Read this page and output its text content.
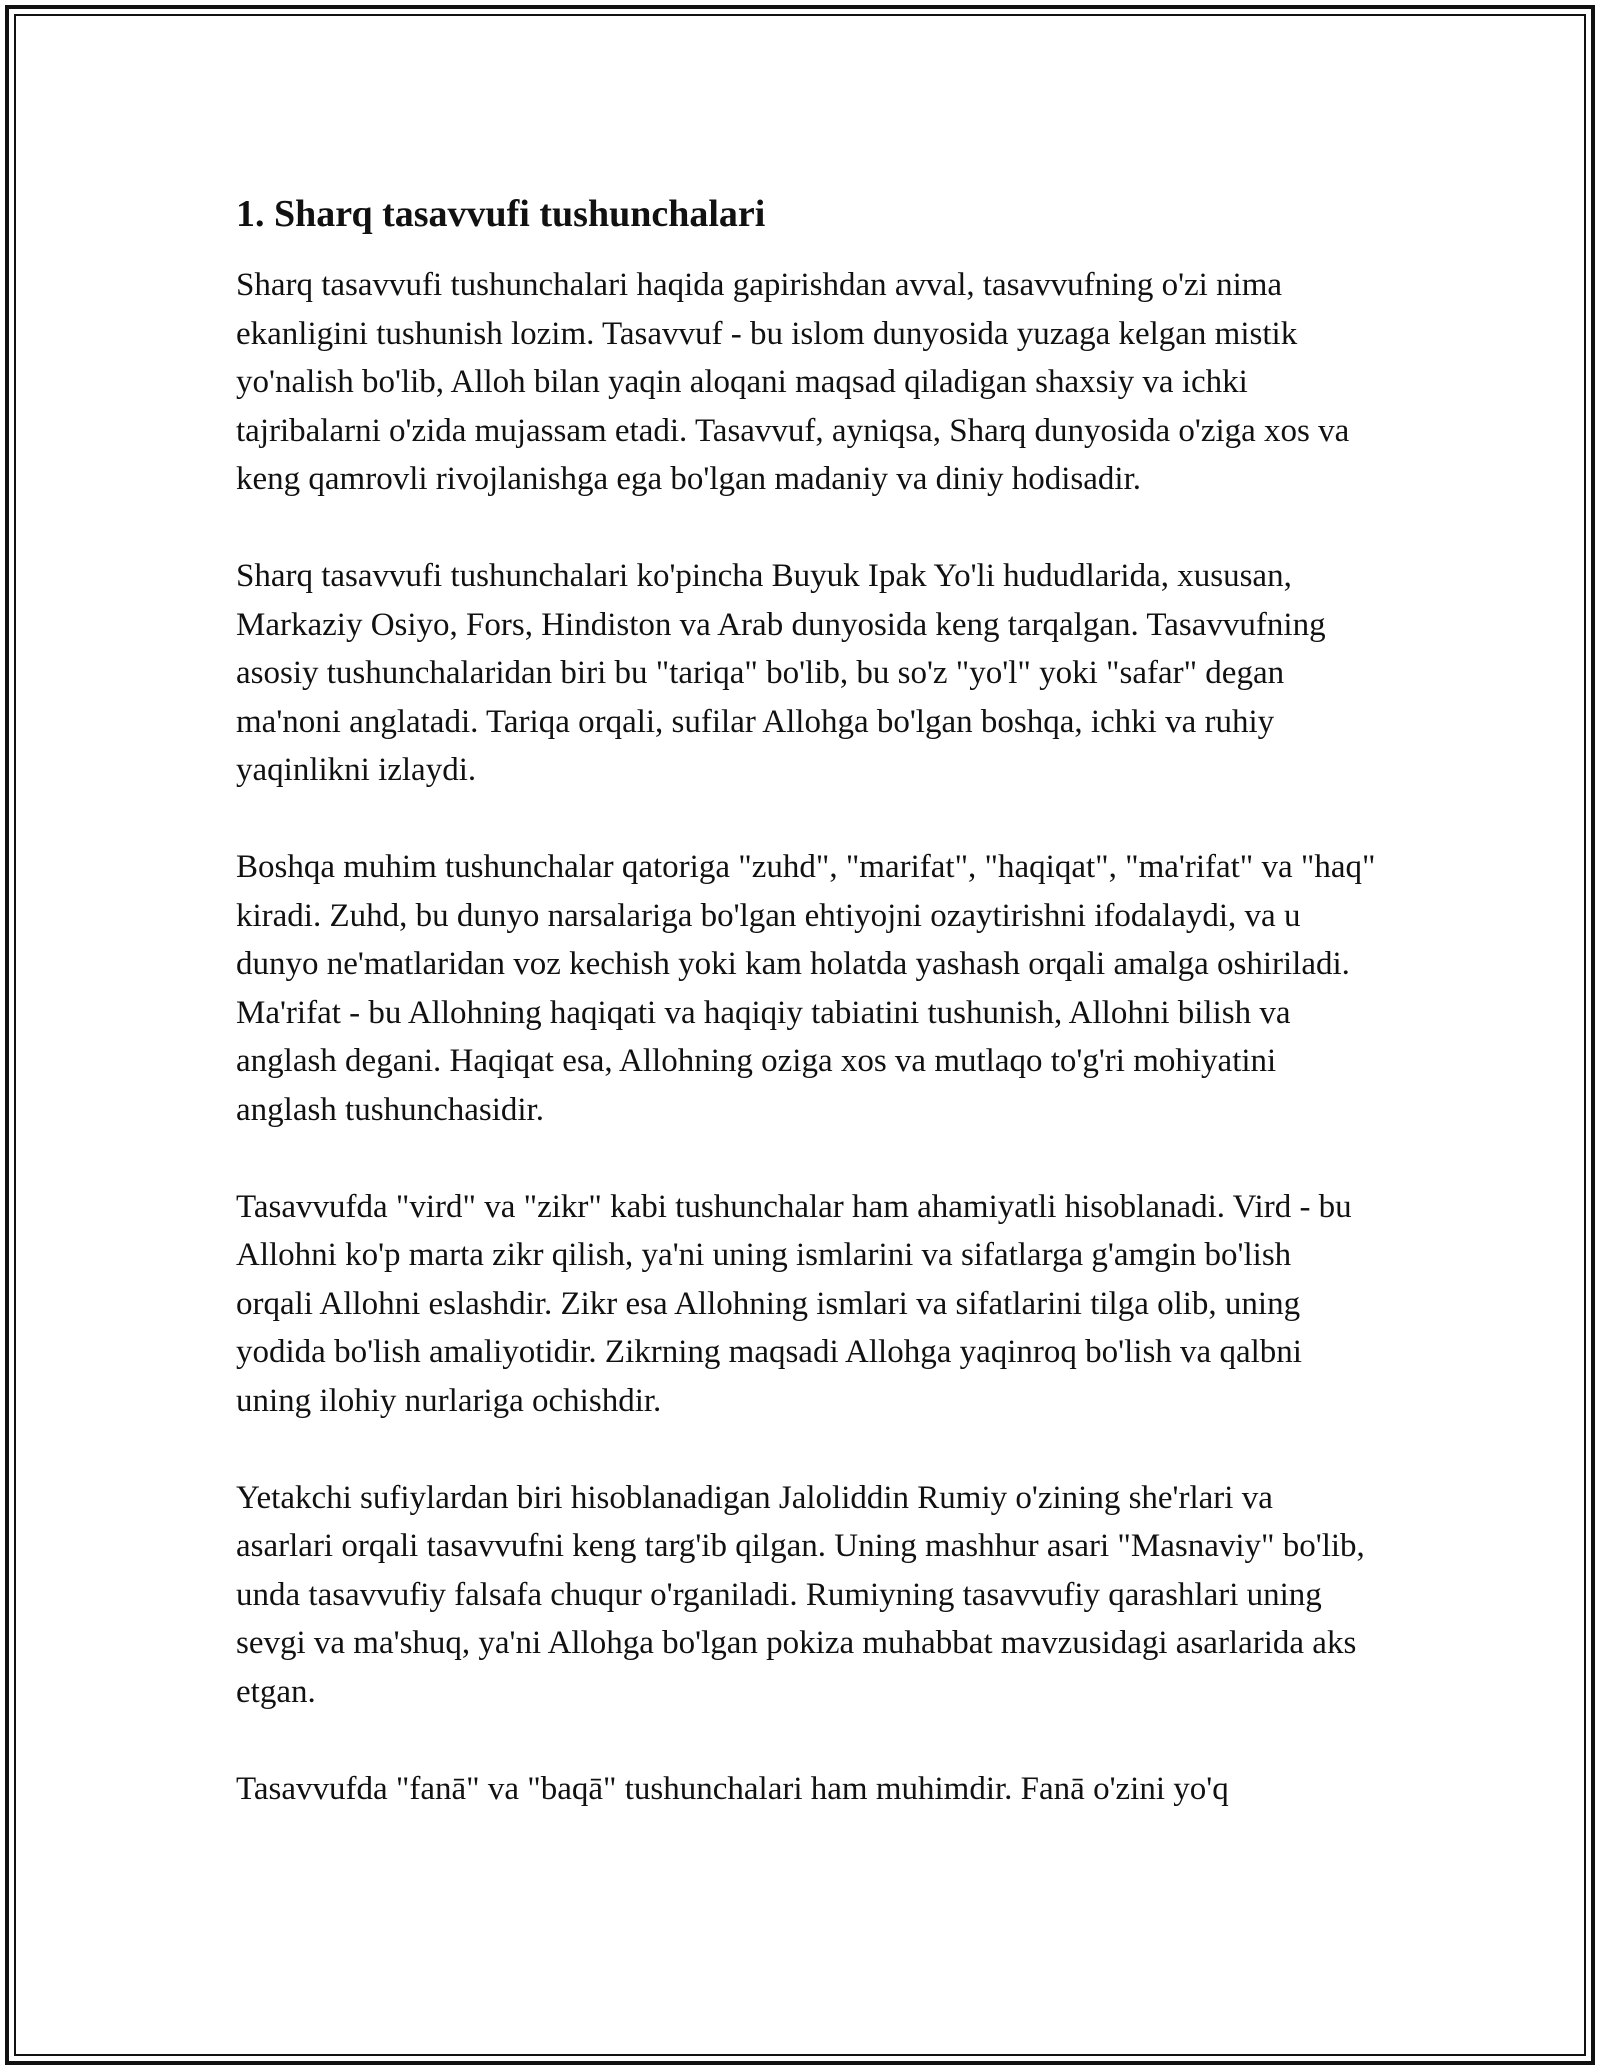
1. Sharq tasavvufi tushunchalari

Sharq tasavvufi tushunchalari haqida gapirishdan avval, tasavvufning o'zi nima ekanligini tushunish lozim. Tasavvuf - bu islom dunyosida yuzaga kelgan mistik yo'nalish bo'lib, Alloh bilan yaqin aloqani maqsad qiladigan shaxsiy va ichki tajribalarni o'zida mujassam etadi. Tasavvuf, ayniqsa, Sharq dunyosida o'ziga xos va keng qamrovli rivojlanishga ega bo'lgan madaniy va diniy hodisadir.

Sharq tasavvufi tushunchalari ko'pincha Buyuk Ipak Yo'li hududlarida, xususan, Markaziy Osiyo, Fors, Hindiston va Arab dunyosida keng tarqalgan. Tasavvufning asosiy tushunchalaridan biri bu "tariqa" bo'lib, bu so'z "yo'l" yoki "safar" degan ma'noni anglatadi. Tariqa orqali, sufilar Allohga bo'lgan boshqa, ichki va ruhiy yaqinlikni izlaydi.

Boshqa muhim tushunchalar qatoriga "zuhd", "marifat", "haqiqat", "ma'rifat" va "haq" kiradi. Zuhd, bu dunyo narsalariga bo'lgan ehtiyojni ozaytirishni ifodalaydi, va u dunyo ne'matlaridan voz kechish yoki kam holatda yashash orqali amalga oshiriladi. Ma'rifat - bu Allohning haqiqati va haqiqiy tabiatini tushunish, Allohni bilish va anglash degani. Haqiqat esa, Allohning oziga xos va mutlaqo to'g'ri mohiyatini anglash tushunchasidir.

Tasavvufda "vird" va "zikr" kabi tushunchalar ham ahamiyatli hisoblanadi. Vird - bu Allohni ko'p marta zikr qilish, ya'ni uning ismlarini va sifatlarga g'amgin bo'lish orqali Allohni eslashdir. Zikr esa Allohning ismlari va sifatlarini tilga olib, uning yodida bo'lish amaliyotidir. Zikrning maqsadi Allohga yaqinroq bo'lish va qalbni uning ilohiy nurlariga ochishdir.

Yetakchi sufiylardan biri hisoblanadigan Jaloliddin Rumiy o'zining she'rlari va asarlari orqali tasavvufni keng targ'ib qilgan. Uning mashhur asari "Masnaviy" bo'lib, unda tasavvufiy falsafa chuqur o'rganiladi. Rumiyning tasavvufiy qarashlari uning sevgi va ma'shuq, ya'ni Allohga bo'lgan pokiza muhabbat mavzusidagi asarlarida aks etgan.

Tasavvufda "fanā" va "baqā" tushunchalari ham muhimdir. Fanā o'zini yo'q
